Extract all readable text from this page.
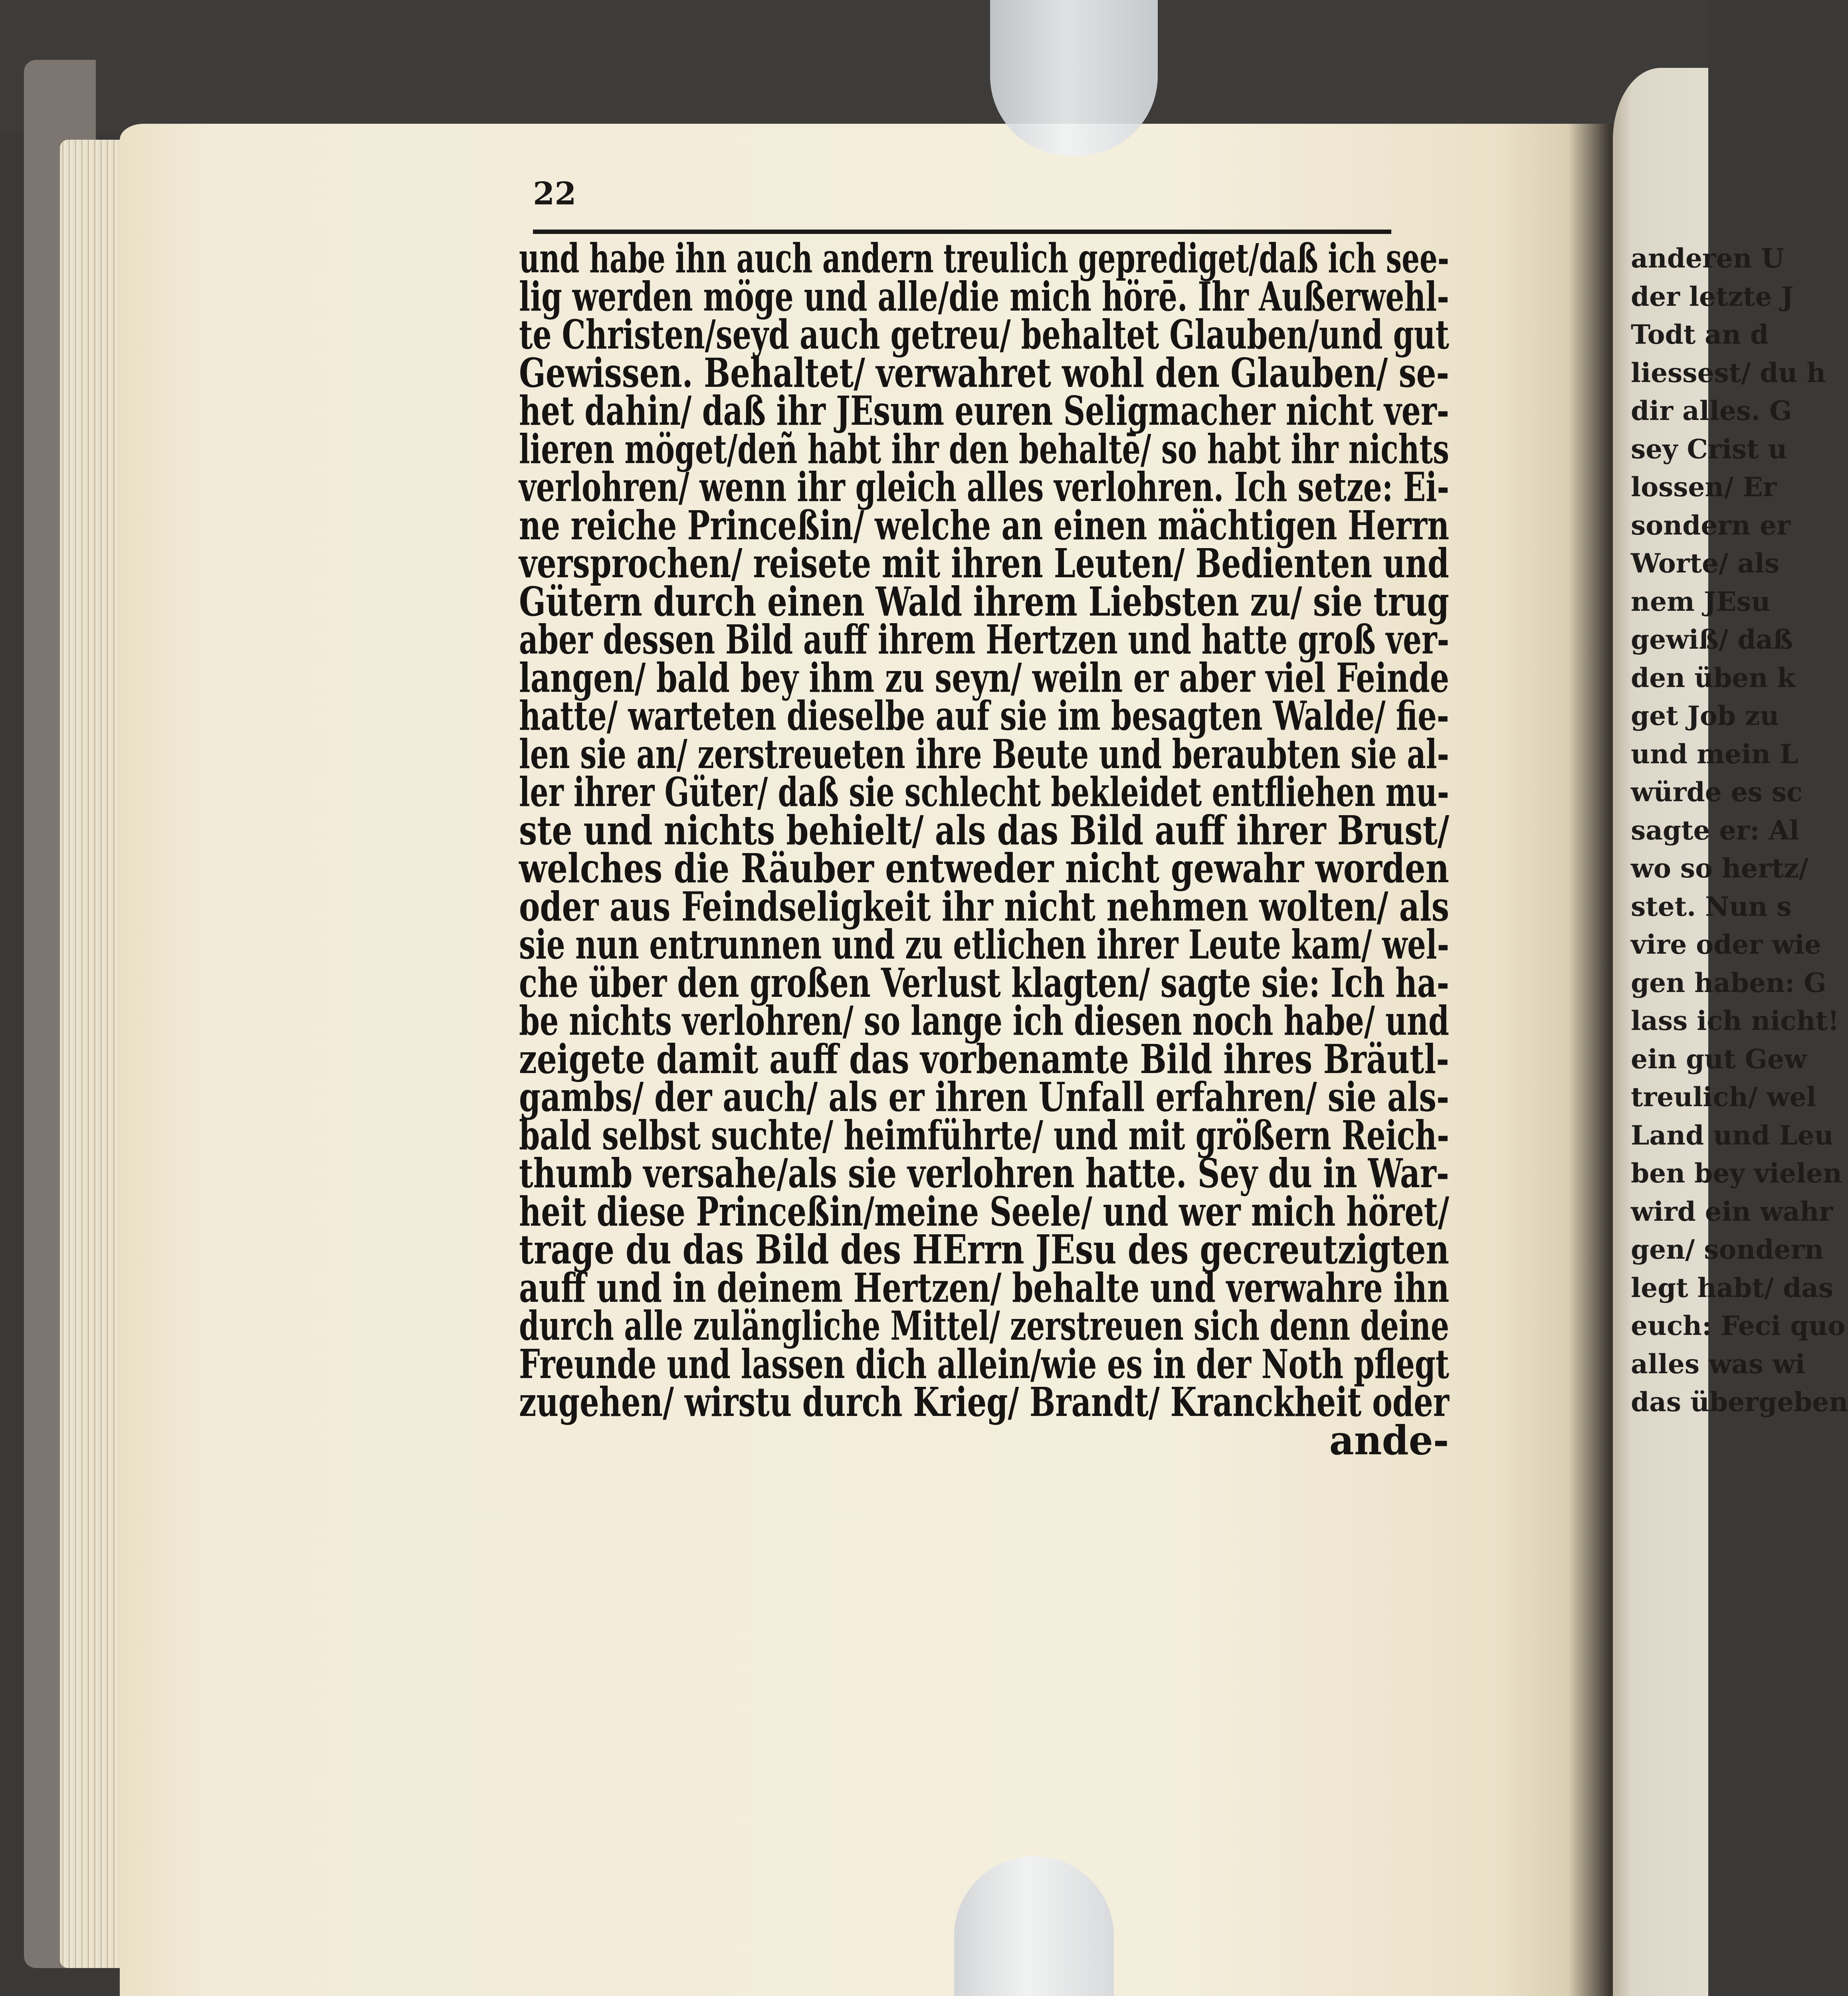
22
und habe ihn auch andern treulich geprediget/daß ich see-
lig werden möge und alle/die mich hörē. Ihr Außerwehl-
te Christen/seyd auch getreu/ behaltet Glauben/und gut
Gewissen. Behaltet/ verwahret wohl den Glauben/ se-
het dahin/ daß ihr JEsum euren Seligmacher nicht ver-
lieren möget/deñ habt ihr den behaltē/ so habt ihr nichts
verlohren/ wenn ihr gleich alles verlohren. Ich setze: Ei-
ne reiche Princeßin/ welche an einen mächtigen Herrn
versprochen/ reisete mit ihren Leuten/ Bedienten und
Gütern durch einen Wald ihrem Liebsten zu/ sie trug
aber dessen Bild auff ihrem Hertzen und hatte groß ver-
langen/ bald bey ihm zu seyn/ weiln er aber viel Feinde
hatte/ warteten dieselbe auf sie im besagten Walde/ fie-
len sie an/ zerstreueten ihre Beute und beraubten sie al-
ler ihrer Güter/ daß sie schlecht bekleidet entfliehen mu-
ste und nichts behielt/ als das Bild auff ihrer Brust/
welches die Räuber entweder nicht gewahr worden
oder aus Feindseligkeit ihr nicht nehmen wolten/ als
sie nun entrunnen und zu etlichen ihrer Leute kam/ wel-
che über den großen Verlust klagten/ sagte sie: Ich ha-
be nichts verlohren/ so lange ich diesen noch habe/ und
zeigete damit auff das vorbenamte Bild ihres Bräutl-
gambs/ der auch/ als er ihren Unfall erfahren/ sie als-
bald selbst suchte/ heimführte/ und mit größern Reich-
thumb versahe/als sie verlohren hatte. Sey du in War-
heit diese Princeßin/meine Seele/ und wer mich höret/
trage du das Bild des HErrn JEsu des gecreutzigten
auff und in deinem Hertzen/ behalte und verwahre ihn
durch alle zulängliche Mittel/ zerstreuen sich denn deine
Freunde und lassen dich allein/wie es in der Noth pflegt
zugehen/ wirstu durch Krieg/ Brandt/ Kranckheit oder
ande-
anderen U
der letzte J
Todt an d
liessest/ du h
dir alles. G
sey Crist u
lossen/ Er
sondern er
Worte/ als
nem JEsu
gewiß/ daß
den üben k
get Job zu
und mein L
würde es sc
sagte er: Al
wo so hertz/
stet. Nun s
vire oder wie
gen haben: G
lass ich nicht!
ein gut Gew
treulich/ wel
Land und Leu
ben bey vielen
wird ein wahr
gen/ sondern
legt habt/ das
euch: Feci quo
alles was wi
das übergeben
